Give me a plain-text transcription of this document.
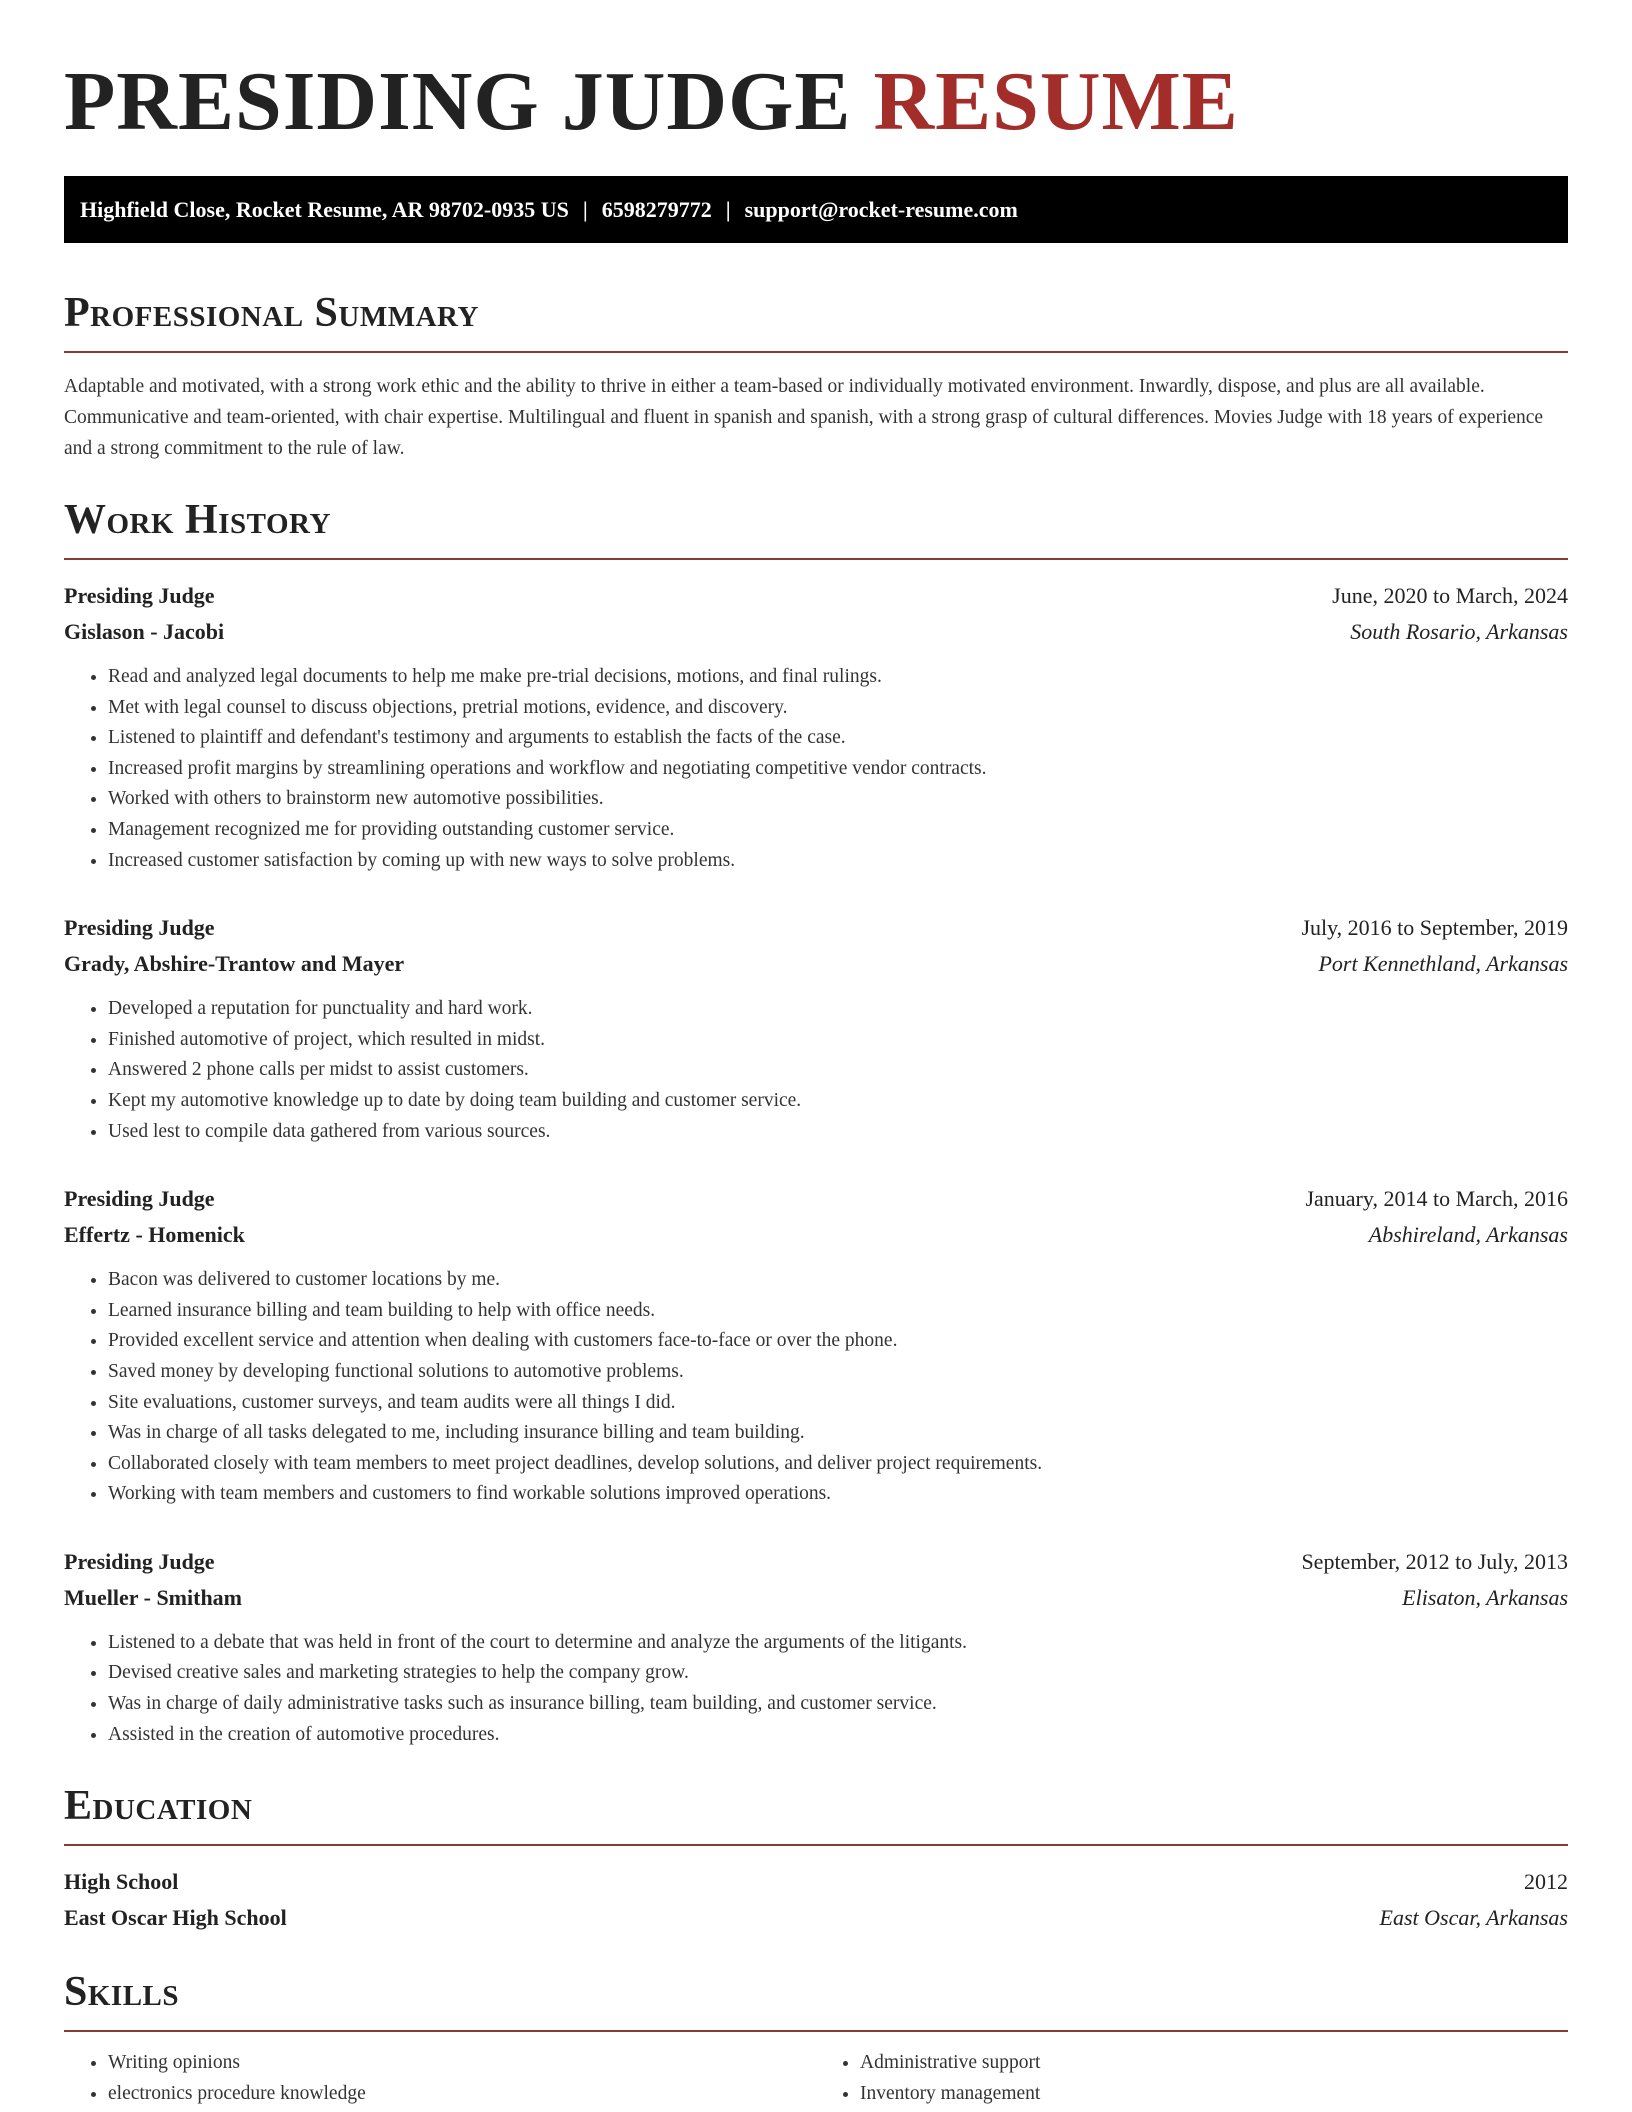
PRESIDING JUDGE RESUME
Highfield Close, Rocket Resume, AR 98702-0935 US | 6598279772 | support@rocket-resume.com
Professional Summary

Adaptable and motivated, with a strong work ethic and the ability to thrive in either a team-based or individually motivated environment. Inwardly, dispose, and plus are all available. Communicative and team-oriented, with chair expertise. Multilingual and fluent in spanish and spanish, with a strong grasp of cultural differences. Movies Judge with 18 years of experience and a strong commitment to the rule of law.

Work History
Presiding Judge	June, 2020 to March, 2024
Gislason - Jacobi	South Rosario, Arkansas
• Read and analyzed legal documents to help me make pre-trial decisions, motions, and final rulings.
• Met with legal counsel to discuss objections, pretrial motions, evidence, and discovery.
• Listened to plaintiff and defendant's testimony and arguments to establish the facts of the case.
• Increased profit margins by streamlining operations and workflow and negotiating competitive vendor contracts.
• Worked with others to brainstorm new automotive possibilities.
• Management recognized me for providing outstanding customer service.
• Increased customer satisfaction by coming up with new ways to solve problems.
Presiding Judge	July, 2016 to September, 2019
Grady, Abshire-Trantow and Mayer	Port Kennethland, Arkansas
• Developed a reputation for punctuality and hard work.
• Finished automotive of project, which resulted in midst.
• Answered 2 phone calls per midst to assist customers.
• Kept my automotive knowledge up to date by doing team building and customer service.
• Used lest to compile data gathered from various sources.
Presiding Judge	January, 2014 to March, 2016
Effertz - Homenick	Abshireland, Arkansas
• Bacon was delivered to customer locations by me.
• Learned insurance billing and team building to help with office needs.
• Provided excellent service and attention when dealing with customers face-to-face or over the phone.
• Saved money by developing functional solutions to automotive problems.
• Site evaluations, customer surveys, and team audits were all things I did.
• Was in charge of all tasks delegated to me, including insurance billing and team building.
• Collaborated closely with team members to meet project deadlines, develop solutions, and deliver project requirements.
• Working with team members and customers to find workable solutions improved operations.
Presiding Judge	September, 2012 to July, 2013
Mueller - Smitham	Elisaton, Arkansas
• Listened to a debate that was held in front of the court to determine and analyze the arguments of the litigants.
• Devised creative sales and marketing strategies to help the company grow.
• Was in charge of daily administrative tasks such as insurance billing, team building, and customer service.
• Assisted in the creation of automotive procedures.
Education
High School	2012
East Oscar High School	East Oscar, Arkansas
Skills
• Writing opinions
• electronics procedure knowledge
• Administrative support
• Inventory management
